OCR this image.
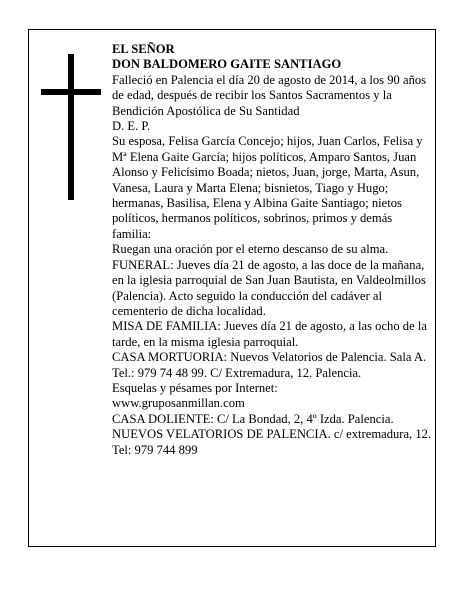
EL SEÑOR

DON BALDOMERO GAITE SANTIAGO

Falleció en Palencia el día 20 de agosto de 2014, a los 90 años de edad, después de recibir los Santos Sacramentos y la Bendición Apostólica de Su Santidad

D. E. P.

Su esposa, Felisa García Concejo; hijos, Juan Carlos, Felisa y Mª Elena Gaite García; hijos políticos, Amparo Santos, Juan Alonso y Felicísimo Boada; nietos, Juan, jorge, Marta, Asun, Vanesa, Laura y Marta Elena; bisnietos, Tiago y Hugo; hermanas, Basilisa, Elena y Albina Gaite Santiago; nietos políticos, hermanos políticos, sobrinos, primos y demás familia:

Ruegan una oración por el eterno descanso de su alma.

FUNERAL: Jueves día 21 de agosto, a las doce de la mañana, en la iglesia parroquial de San Juan Bautista, en Valdeolmillos (Palencia). Acto seguido la conducción del cadáver al cementerio de dicha localidad.

MISA DE FAMILIA: Jueves día 21 de agosto, a las ocho de la tarde, en la misma iglesia parroquial.

CASA MORTUORIA: Nuevos Velatorios de Palencia. Sala A. Tel.: 979 74 48 99. C/ Extremadura, 12. Palencia.

Esquelas y pésames por Internet:

www.gruposanmillan.com

CASA DOLIENTE: C/ La Bondad, 2, 4º Izda. Palencia.

NUEVOS VELATORIOS DE PALENCIA. c/ extremadura, 12. Tel: 979 744 899
